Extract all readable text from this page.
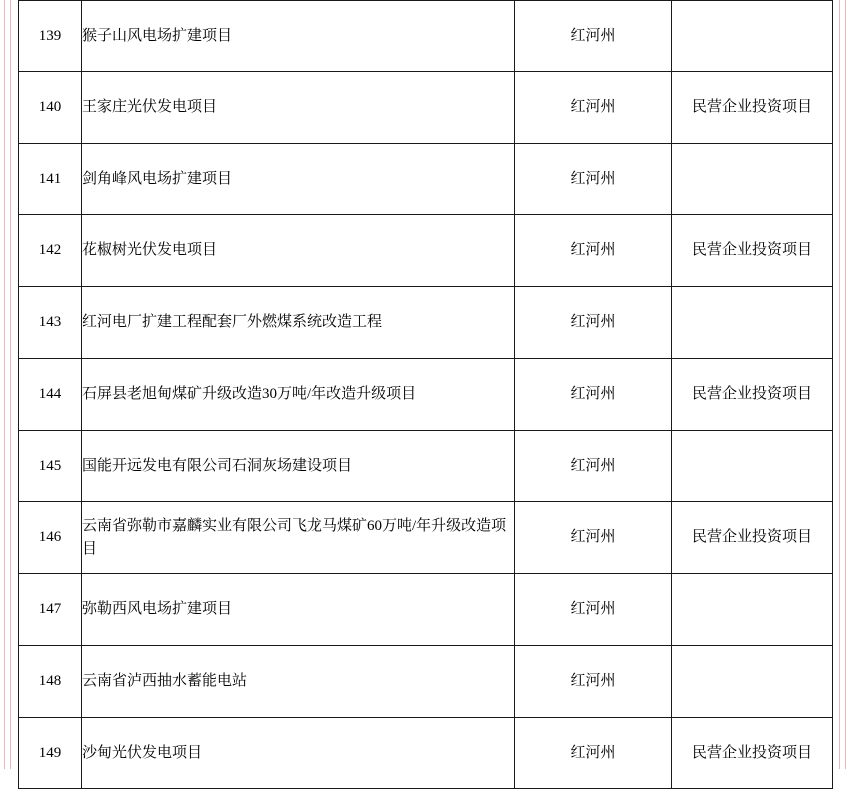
139	猴子山风电场扩建项目	红河州	

140	王家庄光伏发电项目	红河州	民营企业投资项目

141	剑角峰风电场扩建项目	红河州	

142	花椒树光伏发电项目	红河州	民营企业投资项目

143	红河电厂扩建工程配套厂外燃煤系统改造工程	红河州	

144	石屏县老旭甸煤矿升级改造30万吨/年改造升级项目	红河州	民营企业投资项目

145	国能开远发电有限公司石洞灰场建设项目	红河州	

146	云南省弥勒市嘉麟实业有限公司飞龙马煤矿60万吨/年升级改造项目	红河州	民营企业投资项目

147	弥勒西风电场扩建项目	红河州	

148	云南省泸西抽水蓄能电站	红河州	

149	沙甸光伏发电项目	红河州	民营企业投资项目
